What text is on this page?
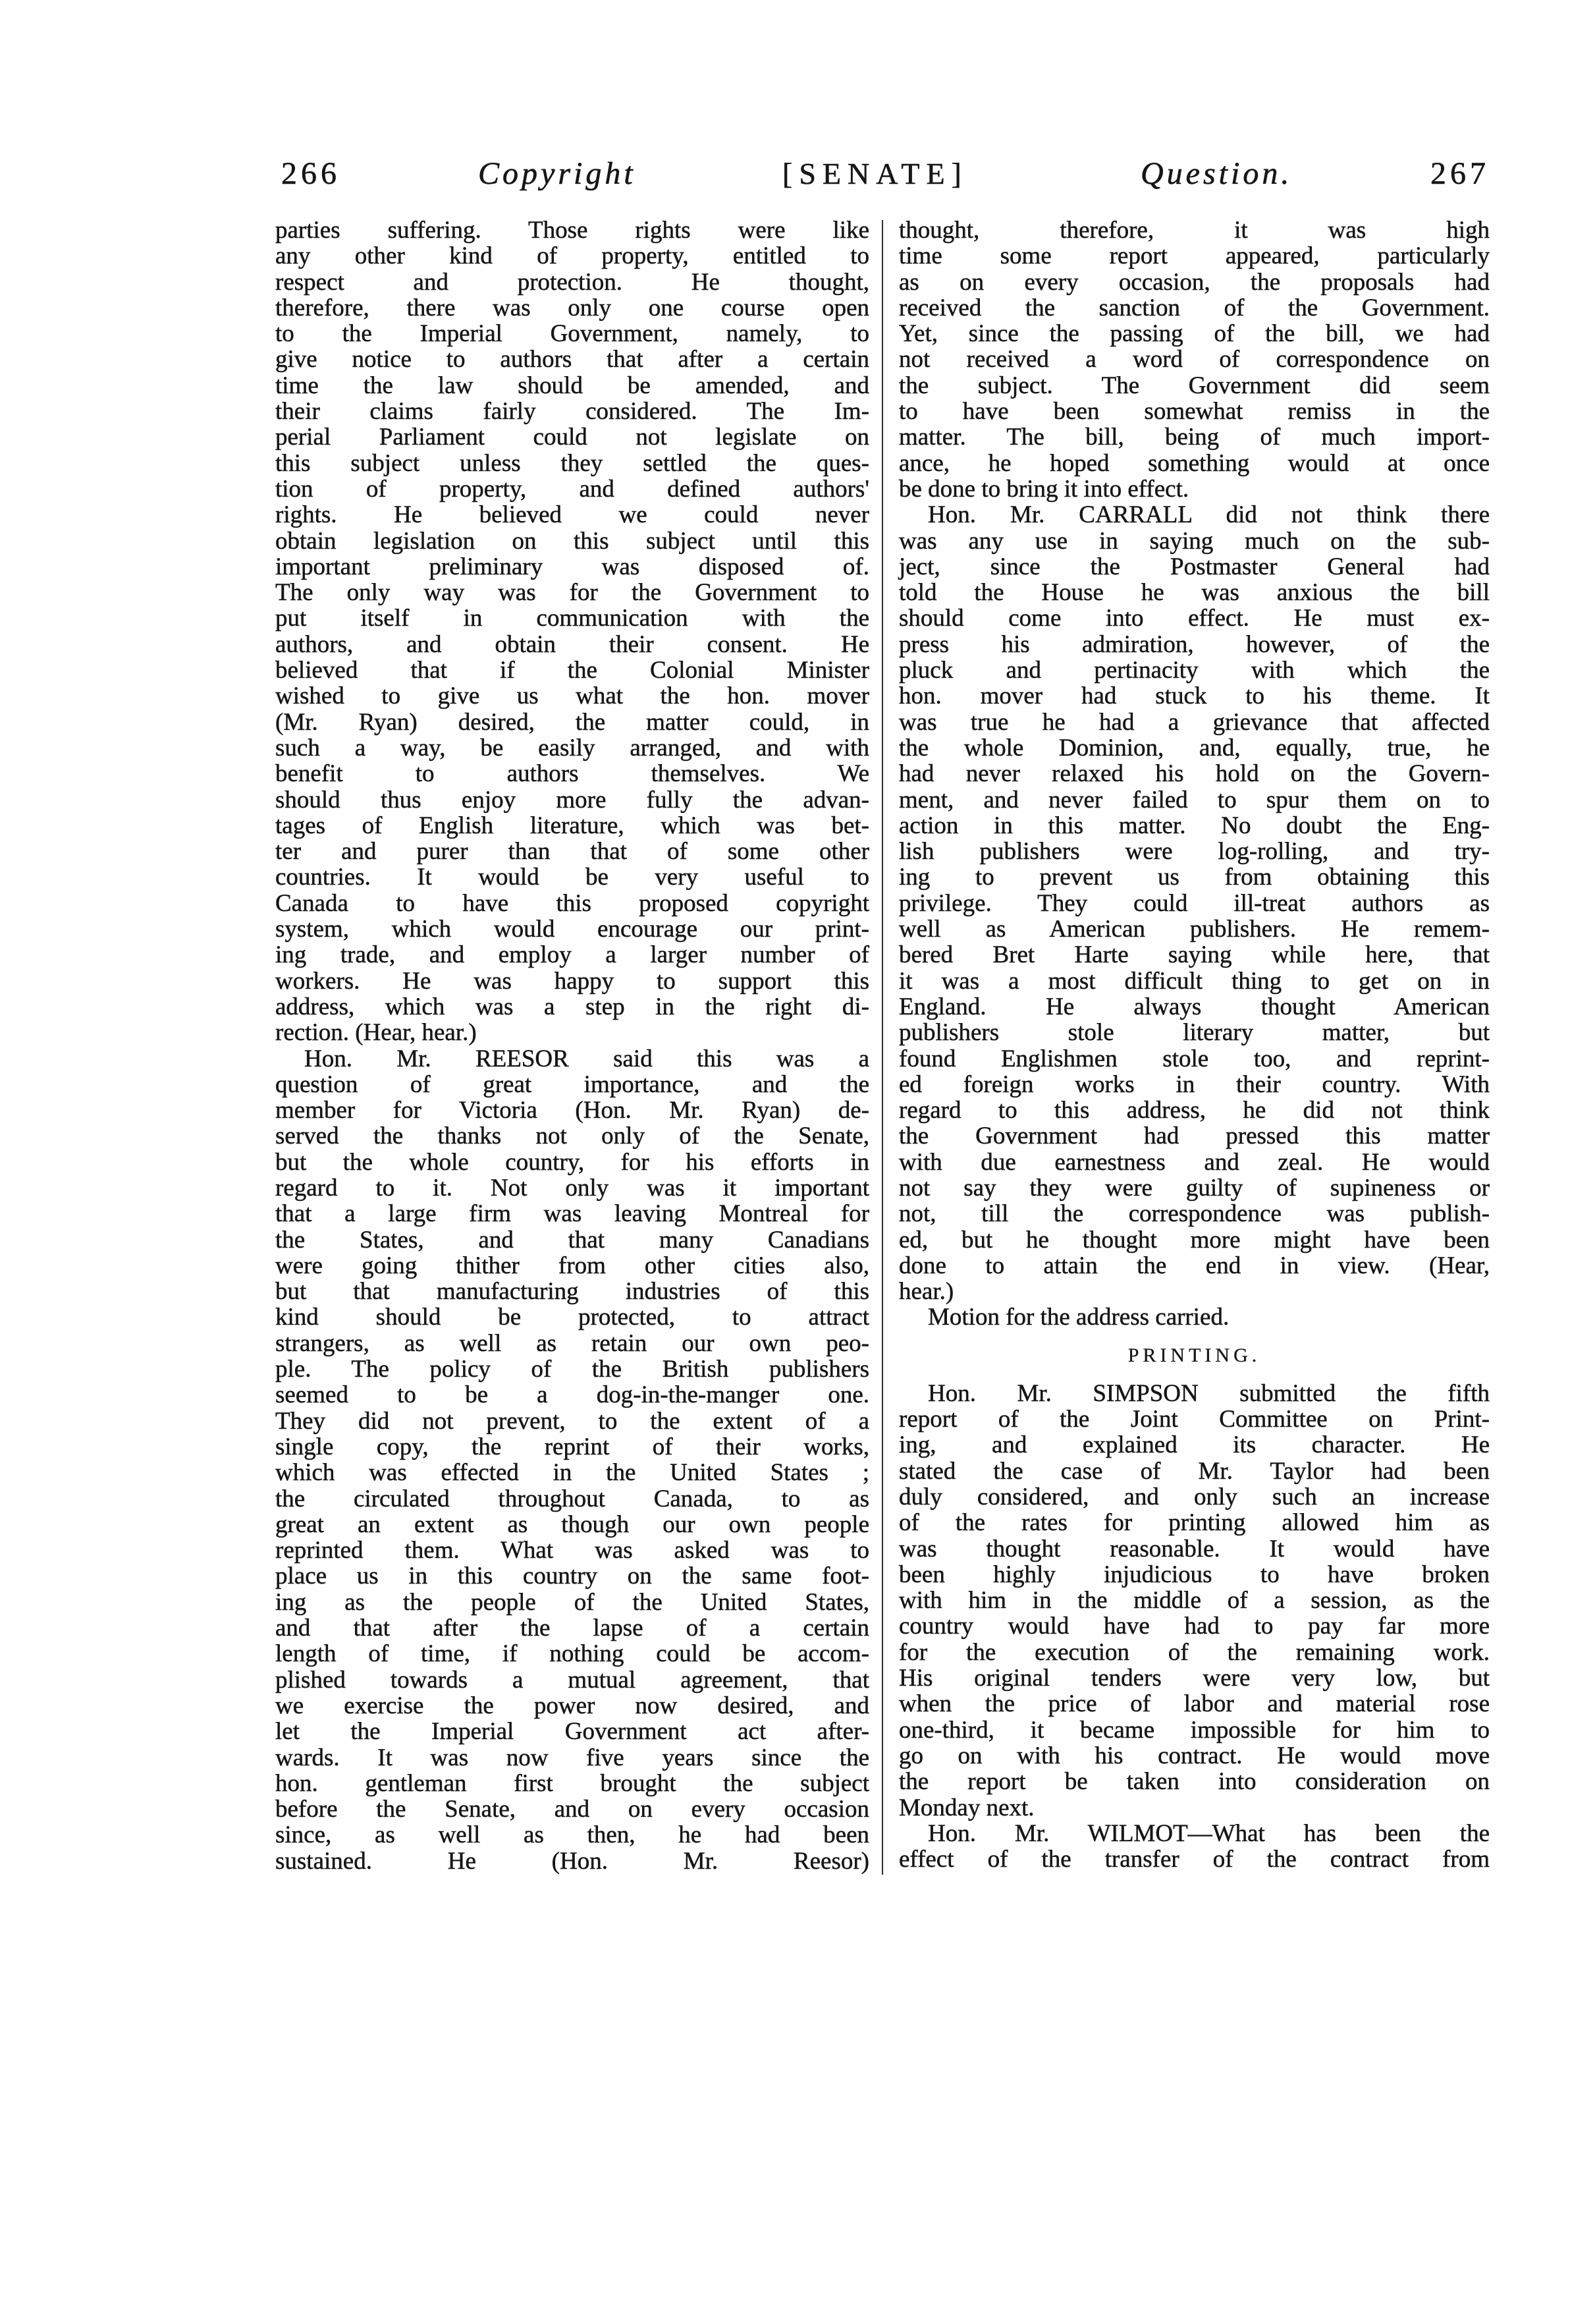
266	Copyright	[SENATE]	Question.	267
parties suffering. Those rights were like
any other kind of property, entitled to
respect and protection. He thought,
therefore, there was only one course open
to the Imperial Government, namely, to
give notice to authors that after a certain
time the law should be amended, and
their claims fairly considered. The Im-
perial Parliament could not legislate on
this subject unless they settled the ques-
tion of property, and defined authors'
rights. He believed we could never
obtain legislation on this subject until this
important preliminary was disposed of.
The only way was for the Government to
put itself in communication with the
authors, and obtain their consent. He
believed that if the Colonial Minister
wished to give us what the hon. mover
(Mr. Ryan) desired, the matter could, in
such a way, be easily arranged, and with
benefit to authors themselves. We
should thus enjoy more fully the advan-
tages of English literature, which was bet-
ter and purer than that of some other
countries. It would be very useful to
Canada to have this proposed copyright
system, which would encourage our print-
ing trade, and employ a larger number of
workers. He was happy to support this
address, which was a step in the right di-
rection. (Hear, hear.)
Hon. Mr. REESOR said this was a
question of great importance, and the
member for Victoria (Hon. Mr. Ryan) de-
served the thanks not only of the Senate,
but the whole country, for his efforts in
regard to it. Not only was it important
that a large firm was leaving Montreal for
the States, and that many Canadians
were going thither from other cities also,
but that manufacturing industries of this
kind should be protected, to attract
strangers, as well as retain our own peo-
ple. The policy of the British publishers
seemed to be a dog-in-the-manger one.
They did not prevent, to the extent of a
single copy, the reprint of their works,
which was effected in the United States ;
the circulated throughout Canada, to as
great an extent as though our own people
reprinted them. What was asked was to
place us in this country on the same foot-
ing as the people of the United States,
and that after the lapse of a certain
length of time, if nothing could be accom-
plished towards a mutual agreement, that
we exercise the power now desired, and
let the Imperial Government act after-
wards. It was now five years since the
hon. gentleman first brought the subject
before the Senate, and on every occasion
since, as well as then, he had been
sustained. He (Hon. Mr. Reesor)
thought, therefore, it was high
time some report appeared, particularly
as on every occasion, the proposals had
received the sanction of the Government.
Yet, since the passing of the bill, we had
not received a word of correspondence on
the subject. The Government did seem
to have been somewhat remiss in the
matter. The bill, being of much import-
ance, he hoped something would at once
be done to bring it into effect.
Hon. Mr. CARRALL did not think there
was any use in saying much on the sub-
ject, since the Postmaster General had
told the House he was anxious the bill
should come into effect. He must ex-
press his admiration, however, of the
pluck and pertinacity with which the
hon. mover had stuck to his theme. It
was true he had a grievance that affected
the whole Dominion, and, equally, true, he
had never relaxed his hold on the Govern-
ment, and never failed to spur them on to
action in this matter. No doubt the Eng-
lish publishers were log-rolling, and try-
ing to prevent us from obtaining this
privilege. They could ill-treat authors as
well as American publishers. He remem-
bered Bret Harte saying while here, that
it was a most difficult thing to get on in
England. He always thought American
publishers stole literary matter, but
found Englishmen stole too, and reprint-
ed foreign works in their country. With
regard to this address, he did not think
the Government had pressed this matter
with due earnestness and zeal. He would
not say they were guilty of supineness or
not, till the correspondence was publish-
ed, but he thought more might have been
done to attain the end in view. (Hear,
hear.)
Motion for the address carried.
PRINTING.
Hon. Mr. SIMPSON submitted the fifth
report of the Joint Committee on Print-
ing, and explained its character. He
stated the case of Mr. Taylor had been
duly considered, and only such an increase
of the rates for printing allowed him as
was thought reasonable. It would have
been highly injudicious to have broken
with him in the middle of a session, as the
country would have had to pay far more
for the execution of the remaining work.
His original tenders were very low, but
when the price of labor and material rose
one-third, it became impossible for him to
go on with his contract. He would move
the report be taken into consideration on
Monday next.
Hon. Mr. WILMOT—What has been the
effect of the transfer of the contract from
